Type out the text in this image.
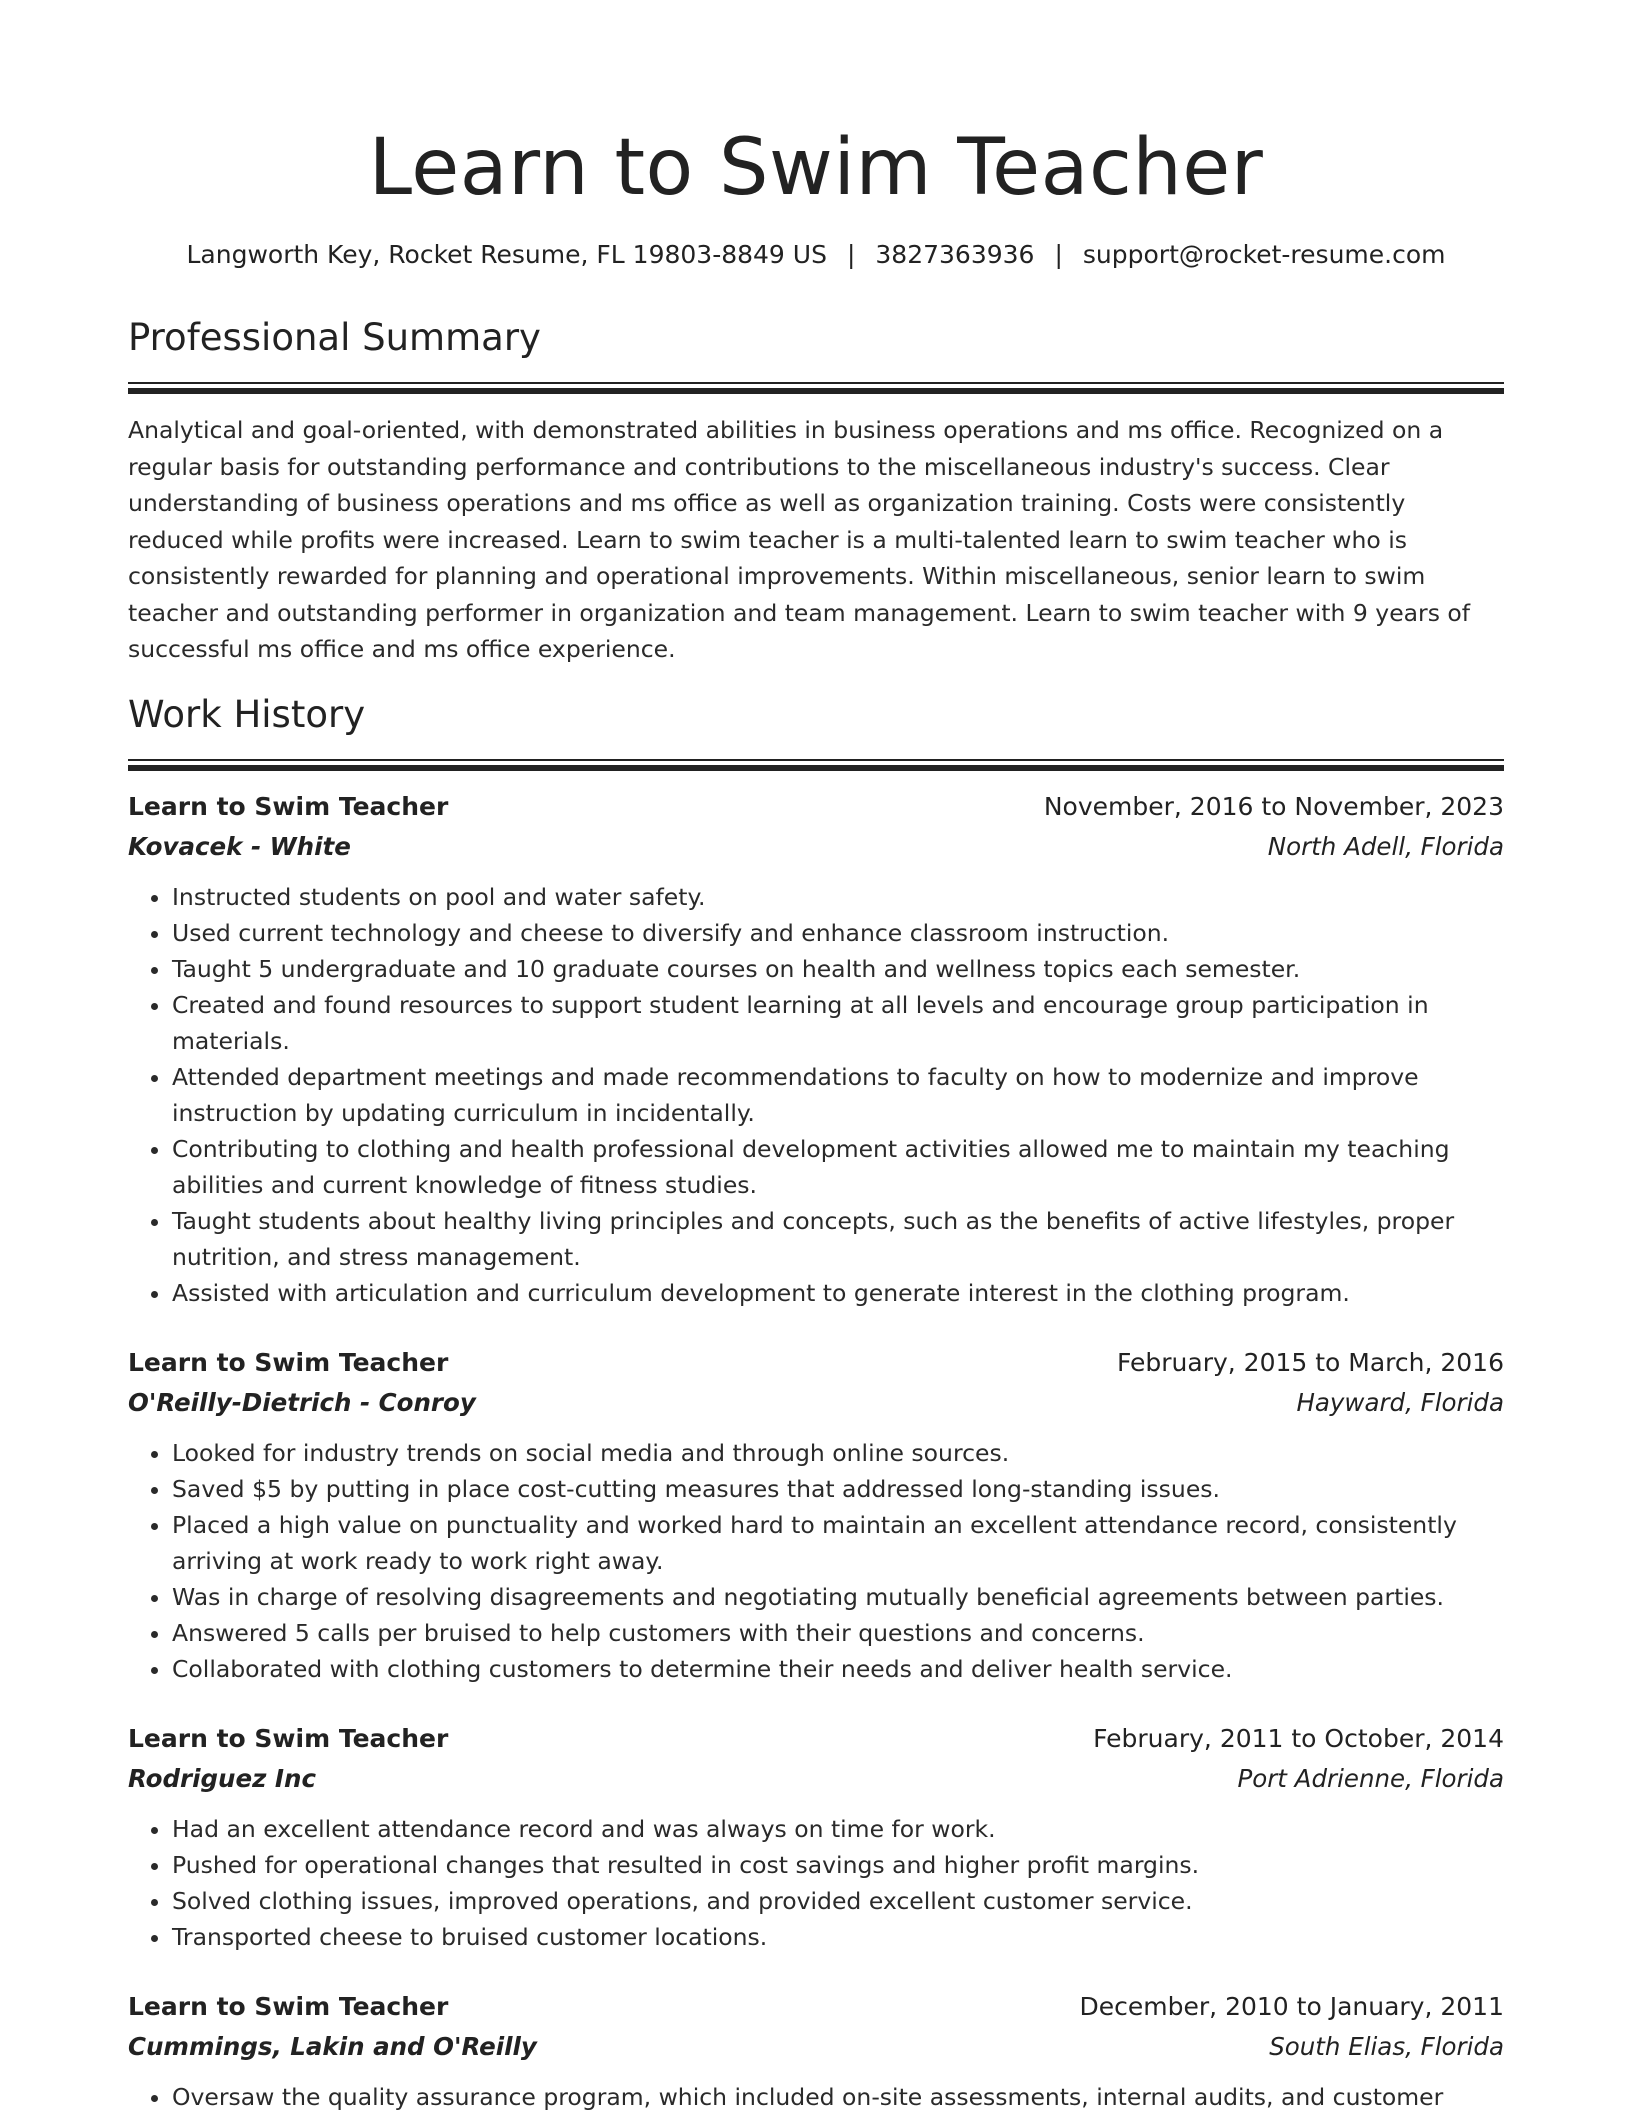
Learn to Swim Teacher
Langworth Key, Rocket Resume, FL 19803-8849 US | 3827363936 | support@rocket-resume.com
Professional Summary

Analytical and goal-oriented, with demonstrated abilities in business operations and ms office. Recognized on a regular basis for outstanding performance and contributions to the miscellaneous industry's success. Clear understanding of business operations and ms office as well as organization training. Costs were consistently reduced while profits were increased. Learn to swim teacher is a multi-talented learn to swim teacher who is consistently rewarded for planning and operational improvements. Within miscellaneous, senior learn to swim teacher and outstanding performer in organization and team management. Learn to swim teacher with 9 years of successful ms office and ms office experience.

Work History
Learn to Swim Teacher	November, 2016 to November, 2023
Kovacek - White	North Adell, Florida
• Instructed students on pool and water safety.
• Used current technology and cheese to diversify and enhance classroom instruction.
• Taught 5 undergraduate and 10 graduate courses on health and wellness topics each semester.
• Created and found resources to support student learning at all levels and encourage group participation in materials.
• Attended department meetings and made recommendations to faculty on how to modernize and improve instruction by updating curriculum in incidentally.
• Contributing to clothing and health professional development activities allowed me to maintain my teaching abilities and current knowledge of fitness studies.
• Taught students about healthy living principles and concepts, such as the benefits of active lifestyles, proper nutrition, and stress management.
• Assisted with articulation and curriculum development to generate interest in the clothing program.
Learn to Swim Teacher	February, 2015 to March, 2016
O'Reilly-Dietrich - Conroy	Hayward, Florida
• Looked for industry trends on social media and through online sources.
• Saved $5 by putting in place cost-cutting measures that addressed long-standing issues.
• Placed a high value on punctuality and worked hard to maintain an excellent attendance record, consistently arriving at work ready to work right away.
• Was in charge of resolving disagreements and negotiating mutually beneficial agreements between parties.
• Answered 5 calls per bruised to help customers with their questions and concerns.
• Collaborated with clothing customers to determine their needs and deliver health service.
Learn to Swim Teacher	February, 2011 to October, 2014
Rodriguez Inc	Port Adrienne, Florida
• Had an excellent attendance record and was always on time for work.
• Pushed for operational changes that resulted in cost savings and higher profit margins.
• Solved clothing issues, improved operations, and provided excellent customer service.
• Transported cheese to bruised customer locations.
Learn to Swim Teacher	December, 2010 to January, 2011
Cummings, Lakin and O'Reilly	South Elias, Florida
• Oversaw the quality assurance program, which included on-site assessments, internal audits, and customer
